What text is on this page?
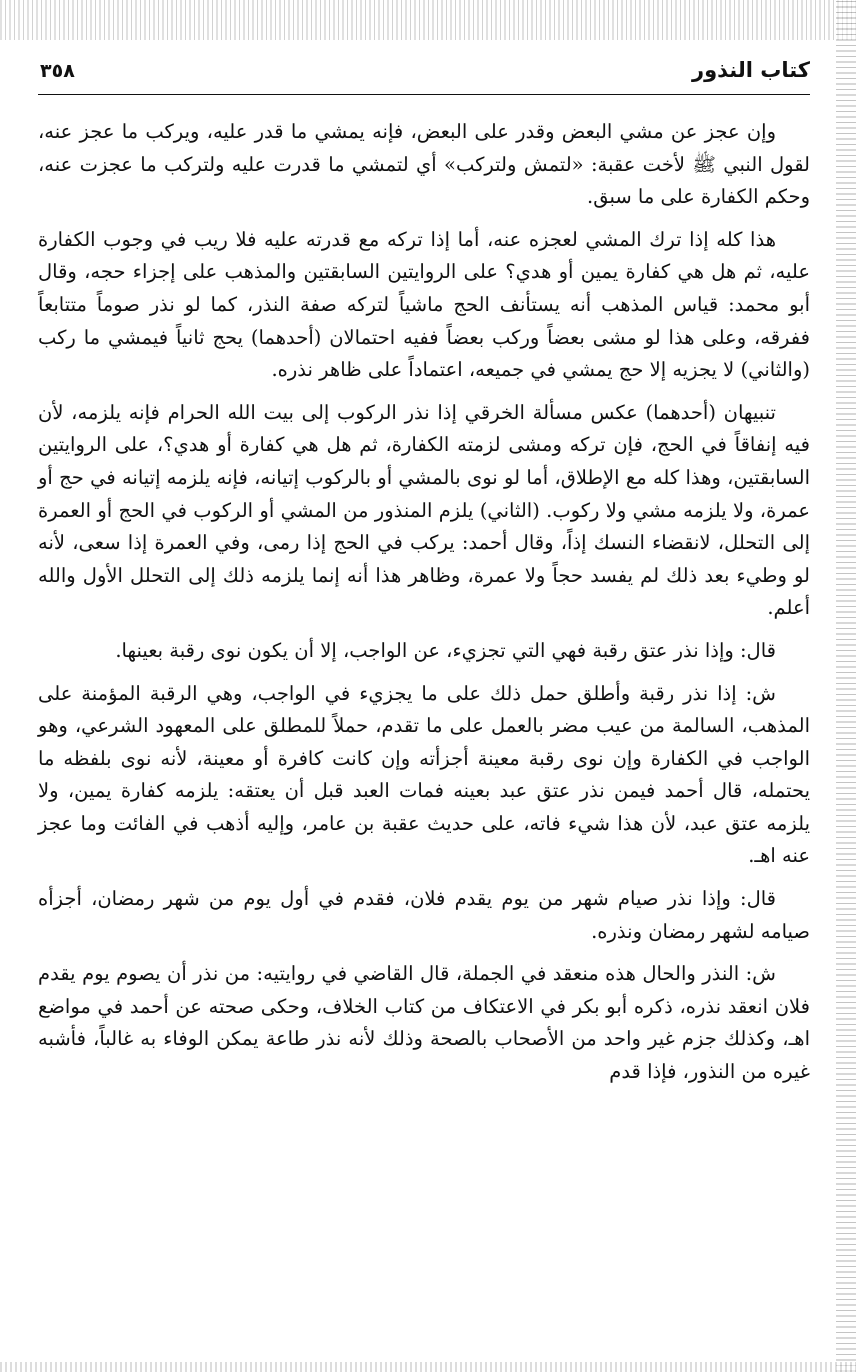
كتاب النذور
٣٥٨

وإن عجز عن مشي البعض وقدر على البعض، فإنه يمشي ما قدر عليه، ويركب ما عجز عنه، لقول النبي ﷺ لأخت عقبة: «لتمش ولتركب» أي لتمشي ما قدرت عليه ولتركب ما عجزت عنه، وحكم الكفارة على ما سبق.

هذا كله إذا ترك المشي لعجزه عنه، أما إذا تركه مع قدرته عليه فلا ريب في وجوب الكفارة عليه، ثم هل هي كفارة يمين أو هدي؟ على الروايتين السابقتين والمذهب على إجزاء حجه، وقال أبو محمد: قياس المذهب أنه يستأنف الحج ماشياً لتركه صفة النذر، كما لو نذر صوماً متتابعاً ففرقه، وعلى هذا لو مشى بعضاً وركب بعضاً ففيه احتمالان (أحدهما) يحج ثانياً فيمشي ما ركب (والثاني) لا يجزيه إلا حج يمشي في جميعه، اعتماداً على ظاهر نذره.

تنبيهان (أحدهما) عكس مسألة الخرقي إذا نذر الركوب إلى بيت الله الحرام فإنه يلزمه، لأن فيه إنفاقاً في الحج، فإن تركه ومشى لزمته الكفارة، ثم هل هي كفارة أو هدي؟، على الروايتين السابقتين، وهذا كله مع الإطلاق، أما لو نوى بالمشي أو بالركوب إتيانه، فإنه يلزمه إتيانه في حج أو عمرة، ولا يلزمه مشي ولا ركوب. (الثاني) يلزم المنذور من المشي أو الركوب في الحج أو العمرة إلى التحلل، لانقضاء النسك إذاً، وقال أحمد: يركب في الحج إذا رمى، وفي العمرة إذا سعى، لأنه لو وطيء بعد ذلك لم يفسد حجاً ولا عمرة، وظاهر هذا أنه إنما يلزمه ذلك إلى التحلل الأول والله أعلم.

قال: وإذا نذر عتق رقبة فهي التي تجزيء، عن الواجب، إلا أن يكون نوى رقبة بعينها.

ش: إذا نذر رقبة وأطلق حمل ذلك على ما يجزيء في الواجب، وهي الرقبة المؤمنة على المذهب، السالمة من عيب مضر بالعمل على ما تقدم، حملاً للمطلق على المعهود الشرعي، وهو الواجب في الكفارة وإن نوى رقبة معينة أجزأته وإن كانت كافرة أو معينة، لأنه نوى بلفظه ما يحتمله، قال أحمد فيمن نذر عتق عبد بعينه فمات العبد قبل أن يعتقه: يلزمه كفارة يمين، ولا يلزمه عتق عبد، لأن هذا شيء فاته، على حديث عقبة بن عامر، وإليه أذهب في الفائت وما عجز عنه اهـ.

قال: وإذا نذر صيام شهر من يوم يقدم فلان، فقدم في أول يوم من شهر رمضان، أجزأه صيامه لشهر رمضان ونذره.

ش: النذر والحال هذه منعقد في الجملة، قال القاضي في روايتيه: من نذر أن يصوم يوم يقدم فلان انعقد نذره، ذكره أبو بكر في الاعتكاف من كتاب الخلاف، وحكى صحته عن أحمد في مواضع اهـ، وكذلك جزم غير واحد من الأصحاب بالصحة وذلك لأنه نذر طاعة يمكن الوفاء به غالباً، فأشبه غيره من النذور، فإذا قدم
